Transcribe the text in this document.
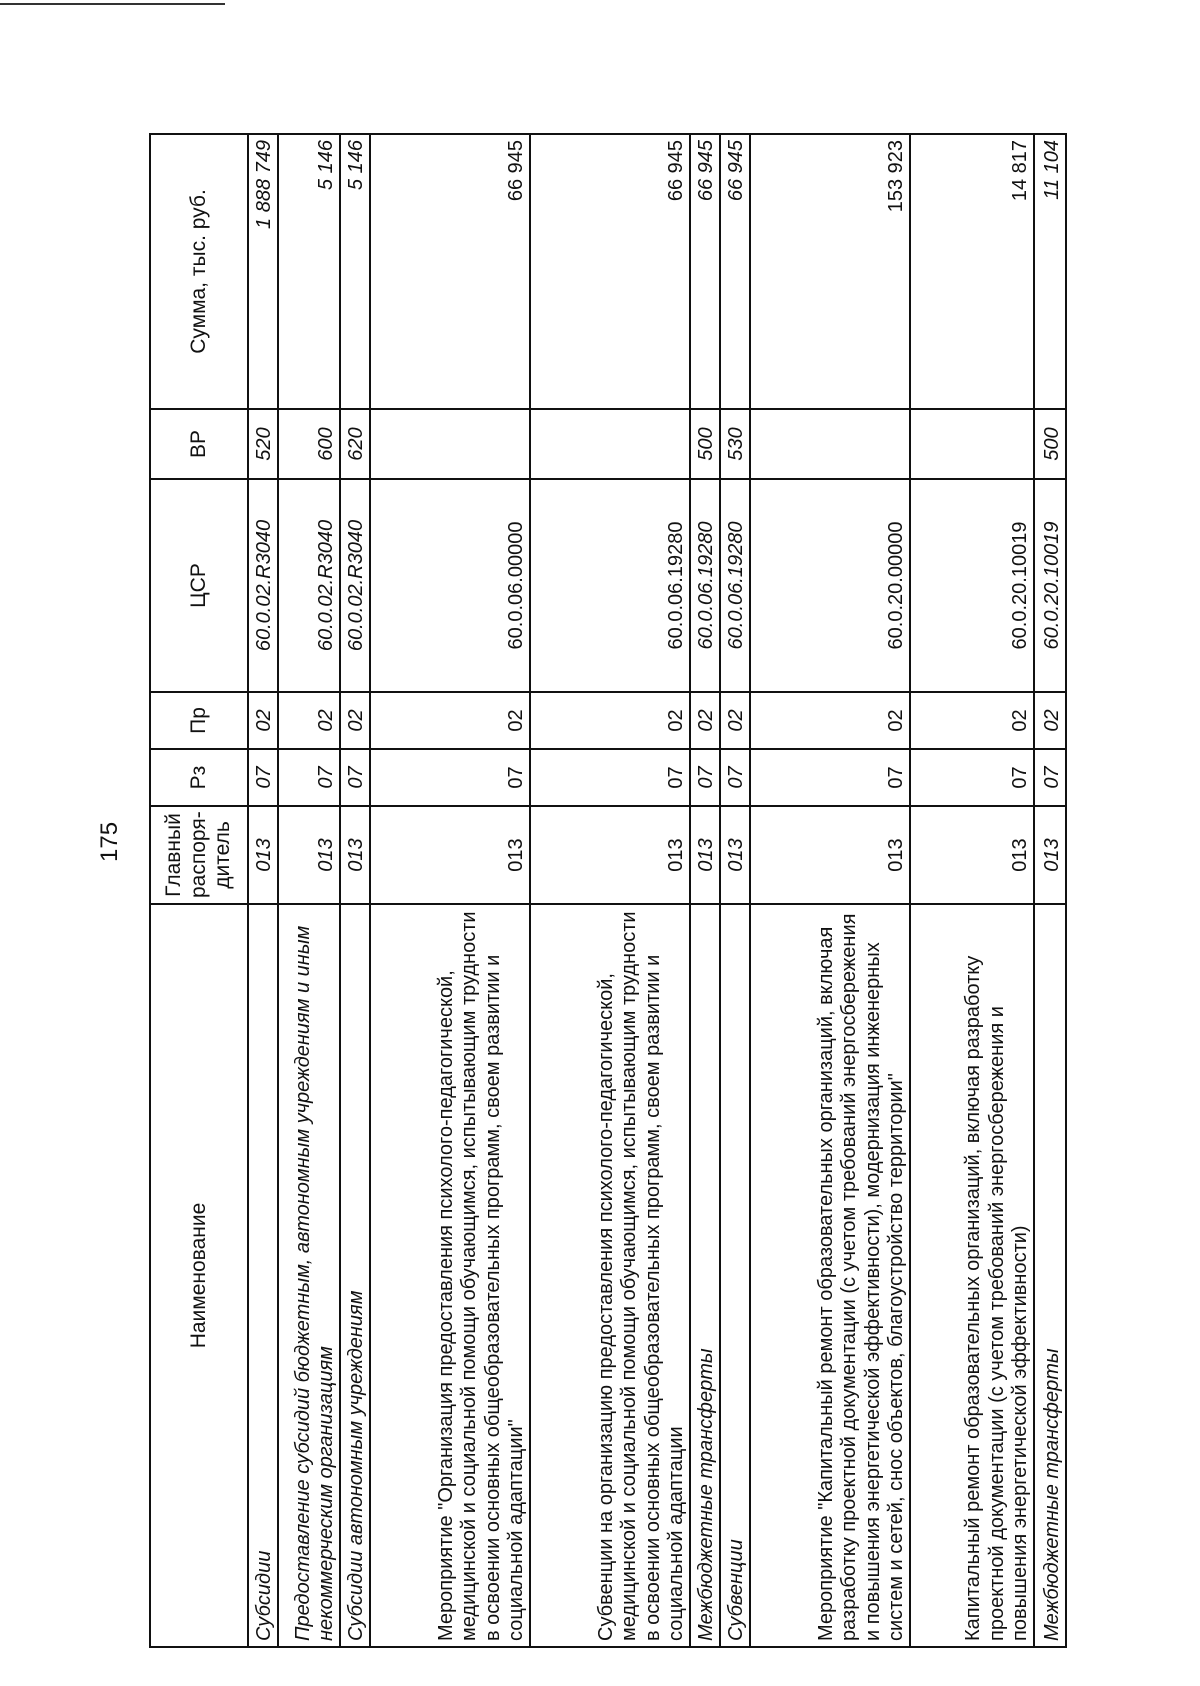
175
Наименование	Главный распоря-дитель	Рз	Пр	ЦСР	ВР	Сумма, тыс. руб.
Субсидии	013	07	02	60.0.02.R3040	520	1 888 749
Предоставление субсидий бюджетным, автономным учреждениям и иным некоммерческим организациям	013	07	02	60.0.02.R3040	600	5 146
Субсидии автономным учреждениям	013	07	02	60.0.02.R3040	620	5 146
Мероприятие "Организация предоставления психолого-педагогической, медицинской и социальной помощи обучающимся, испытывающим трудности в освоении основных общеобразовательных программ, своем развитии и социальной адаптации"	013	07	02	60.0.06.00000		66 945
Субвенции на организацию предоставления психолого-педагогической, медицинской и социальной помощи обучающимся, испытывающим трудности в освоении основных общеобразовательных программ, своем развитии и социальной адаптации	013	07	02	60.0.06.19280		66 945
Межбюджетные трансферты	013	07	02	60.0.06.19280	500	66 945
Субвенции	013	07	02	60.0.06.19280	530	66 945
Мероприятие "Капитальный ремонт образовательных организаций, включая разработку проектной документации (с учетом требований энергосбережения и повышения энергетической эффективности), модернизация инженерных систем и сетей, снос объектов, благоустройство территории"	013	07	02	60.0.20.00000		153 923
Капитальный ремонт образовательных организаций, включая разработку проектной документации (с учетом требований энергосбережения и повышения энергетической эффективности)	013	07	02	60.0.20.10019		14 817
Межбюджетные трансферты	013	07	02	60.0.20.10019	500	11 104
